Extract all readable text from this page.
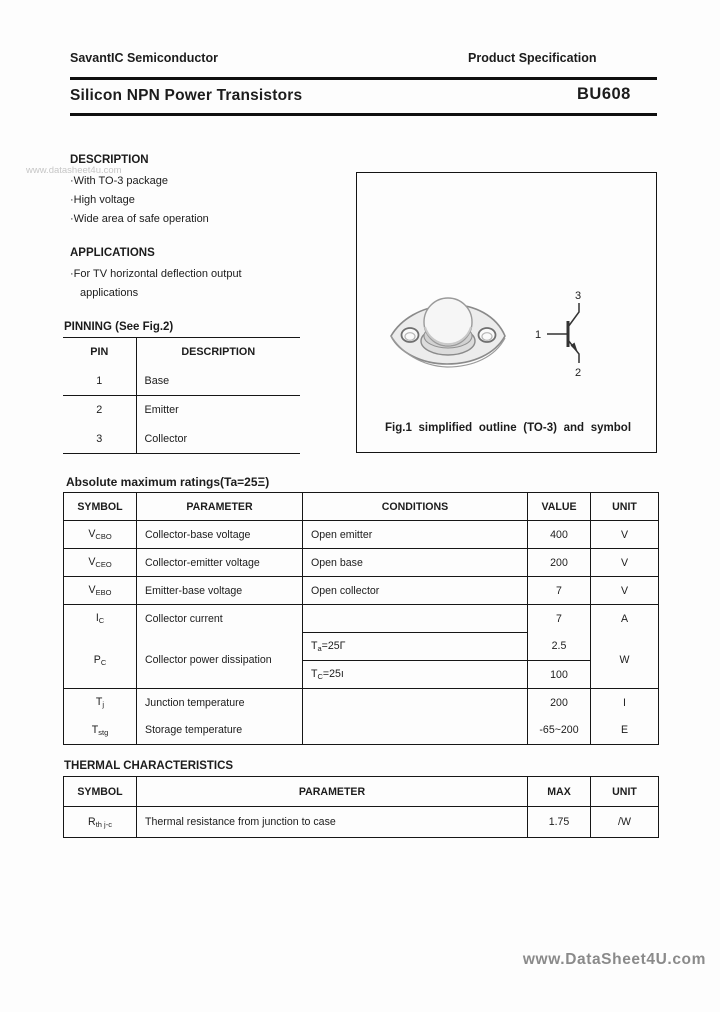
SavantIC Semiconductor	Product Specification
Silicon NPN Power Transistors	BU608
www.datasheet4u.com
DESCRIPTION
·With TO-3 package
·High voltage
·Wide area of safe operation
APPLICATIONS
·For TV horizontal deflection output
applications
PINNING (See Fig.2)
PIN	DESCRIPTION
1	Base
2	Emitter
3	Collector
3
1
2
Fig.1 simplified outline (TO-3) and symbol
Absolute maximum ratings(Ta=25Ξ)
SYMBOL	PARAMETER	CONDITIONS	VALUE	UNIT
$V_{CBO}$	Collector-base voltage	Open emitter	400	V
$V_{CEO}$	Collector-emitter voltage	Open base	200	V
$V_{EBO}$	Emitter-base voltage	Open collector	7	V
$I_C$	Collector current		7	A
$P_C$	Collector power dissipation	$T_a=25\Gamma$	2.5	W
		$T_C=25ı$	100	
$T_j$	Junction temperature		200	I
$T_{stg}$	Storage temperature		-65~200	E
THERMAL CHARACTERISTICS
SYMBOL	PARAMETER	MAX	UNIT
$R_{th j-c}$	Thermal resistance from junction to case	1.75	/W
www.DataSheet4U.com
